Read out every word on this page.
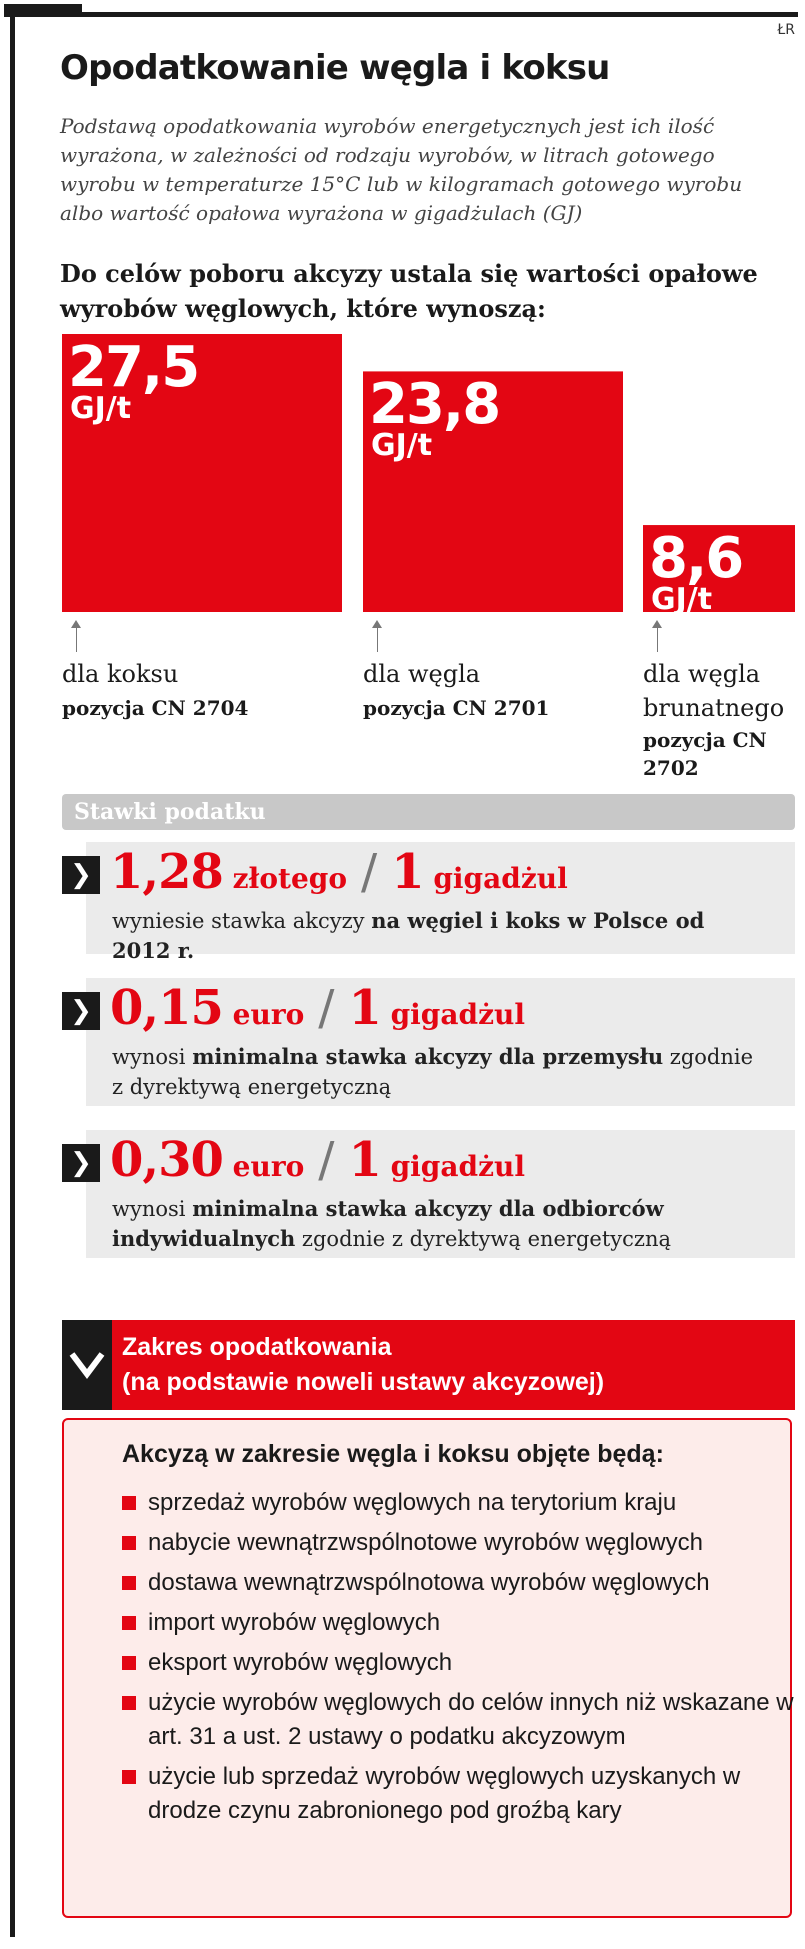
ŁR
Opodatkowanie węgla i koksu

Podstawą opodatkowania wyrobów energetycznych jest ich ilość wyrażona, w zależności od rodzaju wyrobów, w litrach gotowego wyrobu w temperaturze 15°C lub w kilogramach gotowego wyrobu albo wartość opałowa wyrażona w gigadżulach (GJ)

Do celów poboru akcyzy ustala się wartości opałowe wyrobów węglowych, które wynoszą:

27,5
GJ/t
dla koksu
pozycja CN 2704
23,8
GJ/t
dla węgla
pozycja CN 2701
8,6
GJ/t
dla węgla brunatnego
pozycja CN 2702
Stawki podatku
❯ 1,28 złotego / 1 gigadżul
wyniesie stawka akcyzy na węgiel i koks w Polsce od 2012 r.
❯ 0,15 euro / 1 gigadżul
wynosi minimalna stawka akcyzy dla przemysłu zgodnie z dyrektywą energetyczną
❯ 0,30 euro / 1 gigadżul
wynosi minimalna stawka akcyzy dla odbiorców indywidualnych zgodnie z dyrektywą energetyczną
Zakres opodatkowania
(na podstawie noweli ustawy akcyzowej)
Akcyzą w zakresie węgla i koksu objęte będą:
sprzedaż wyrobów węglowych na terytorium kraju
nabycie wewnątrzwspólnotowe wyrobów węglowych
dostawa wewnątrzwspólnotowa wyrobów węglowych
import wyrobów węglowych
eksport wyrobów węglowych
użycie wyrobów węglowych do celów innych niż wskazane w art. 31 a ust. 2 ustawy o podatku akcyzowym
użycie lub sprzedaż wyrobów węglowych uzyskanych w drodze czynu zabronionego pod groźbą kary
